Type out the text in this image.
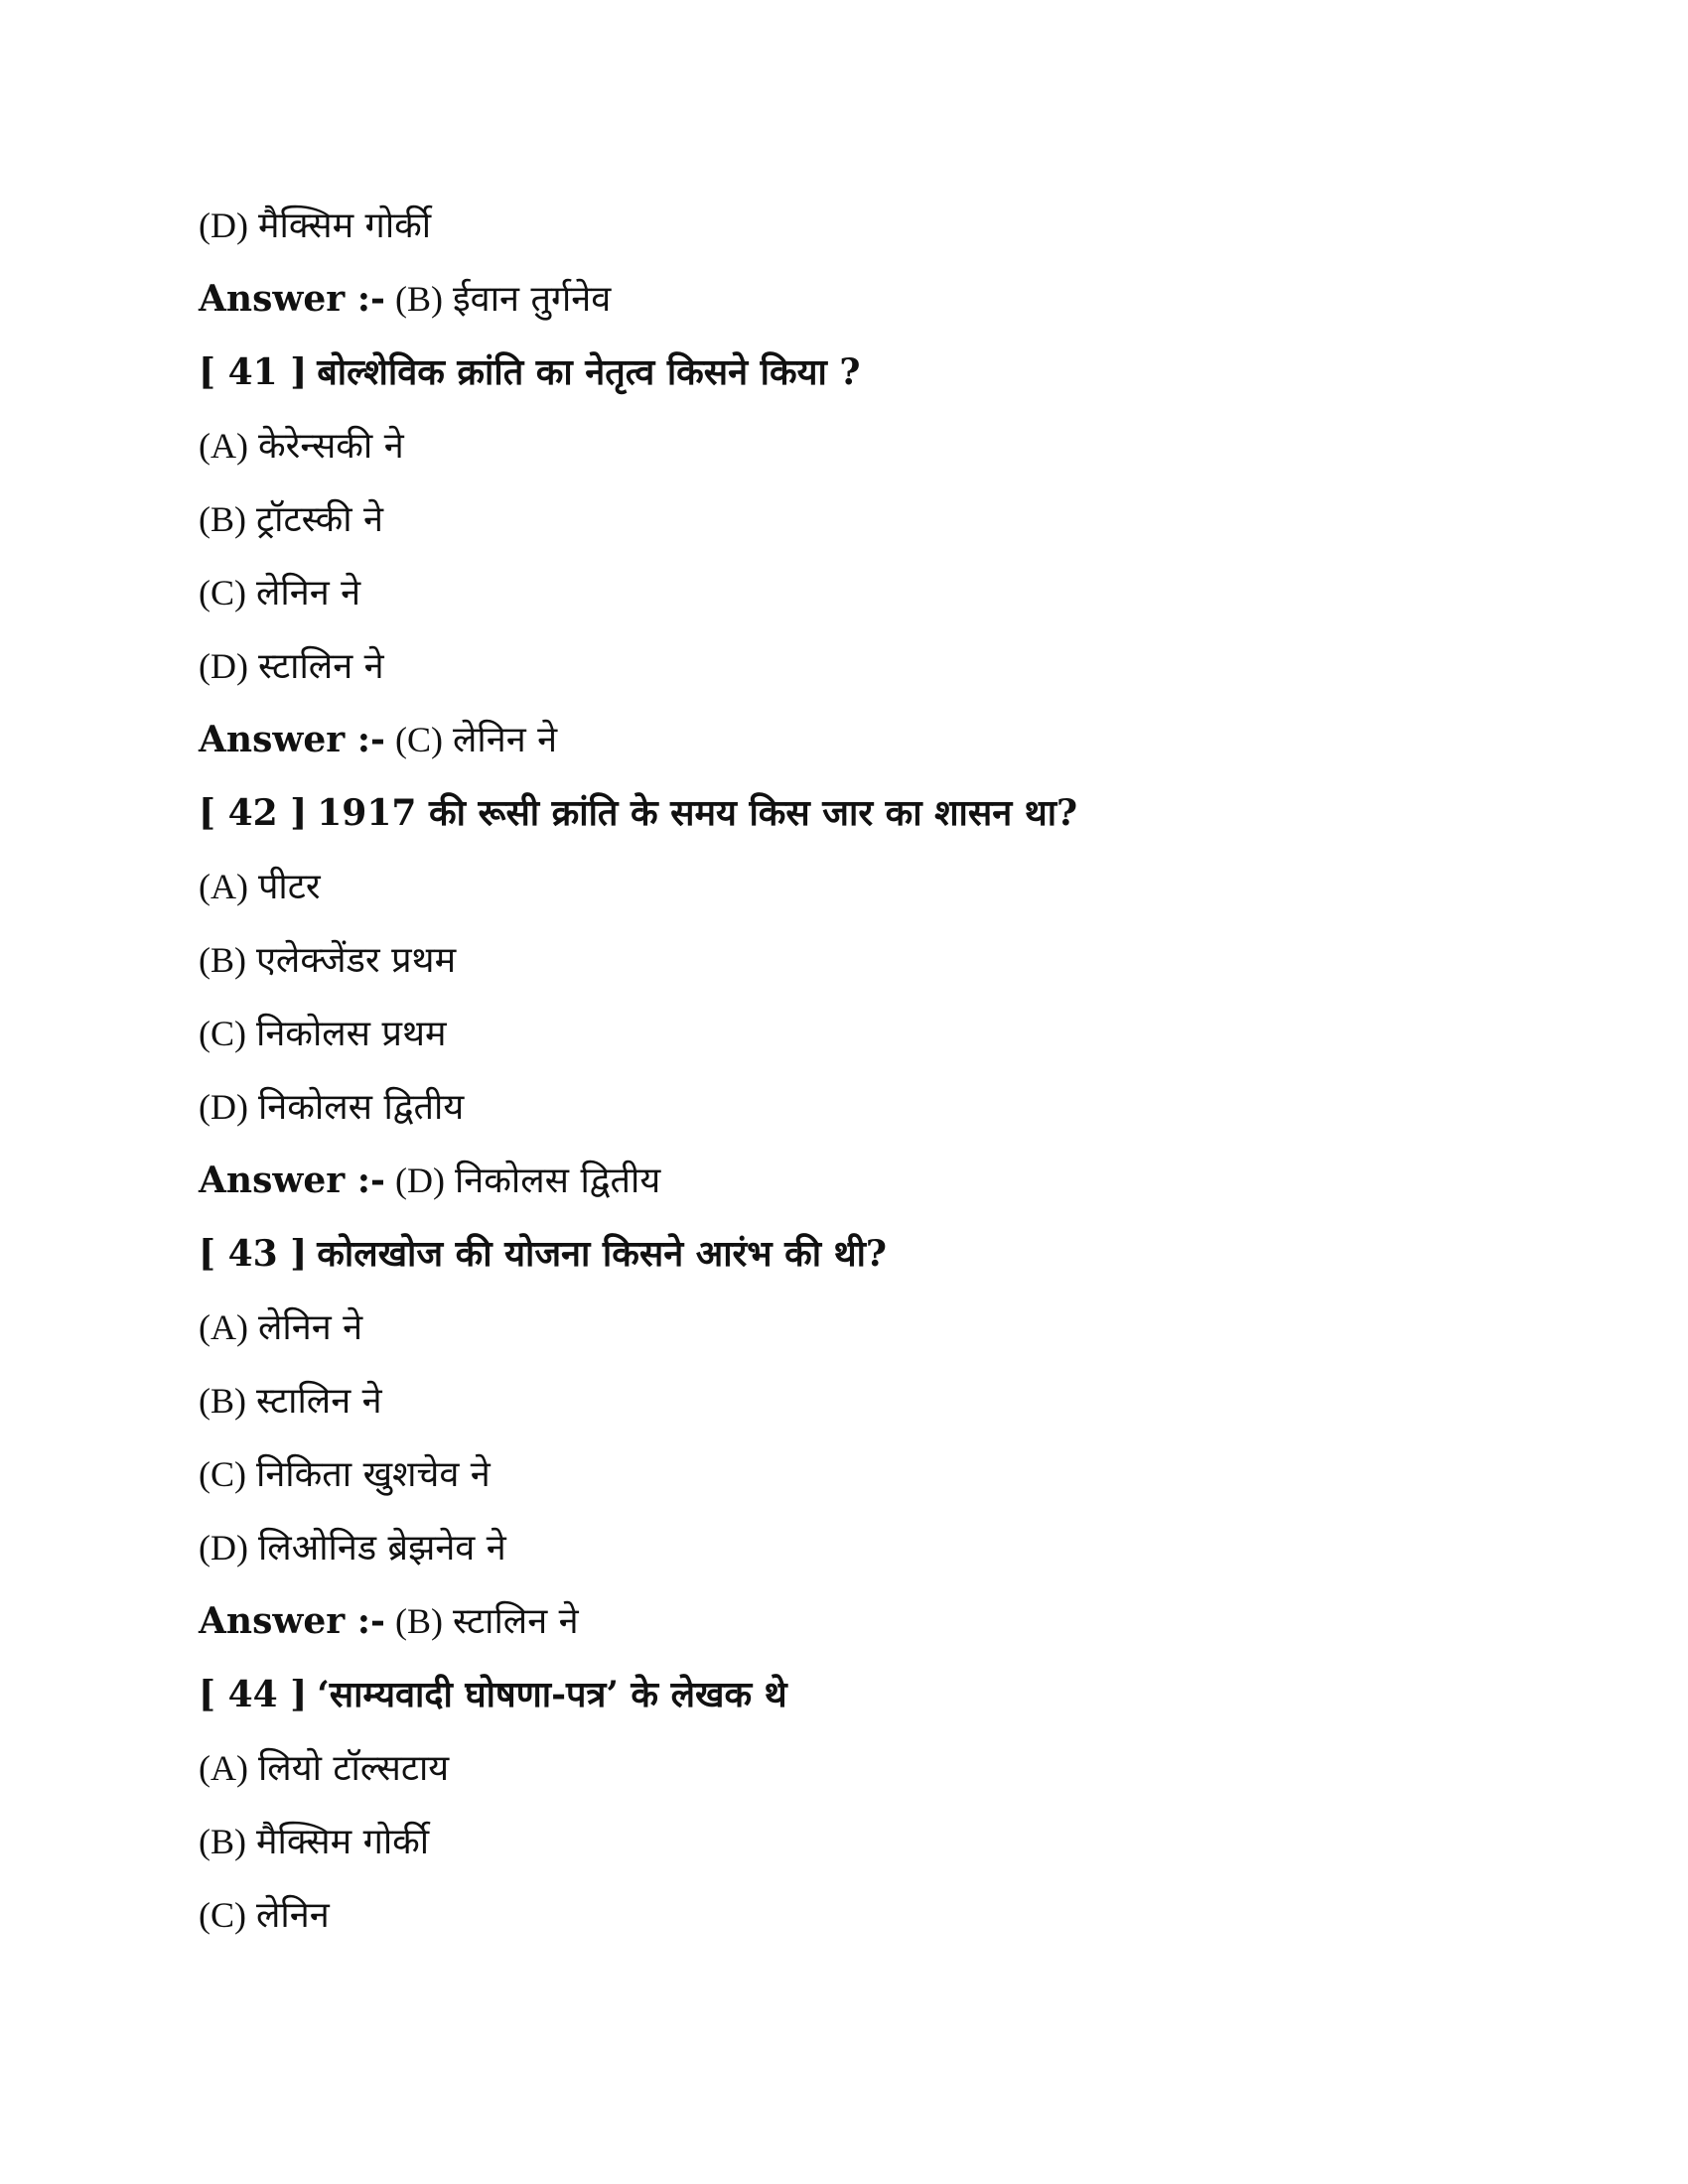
(D) मैक्सिम गोर्की
Answer :- (B) ईवान तुर्गनेव
[ 41 ] बोल्शेविक क्रांति का नेतृत्व किसने किया ?
(A) केरेन्सकी ने
(B) ट्रॉटस्की ने
(C) लेनिन ने
(D) स्टालिन ने
Answer :- (C) लेनिन ने
[ 42 ] 1917 की रूसी क्रांति के समय किस जार का शासन था?
(A) पीटर
(B) एलेक्जेंडर प्रथम
(C) निकोलस प्रथम
(D) निकोलस द्वितीय
Answer :- (D) निकोलस द्वितीय
[ 43 ] कोलखोज की योजना किसने आरंभ की थी?
(A) लेनिन ने
(B) स्टालिन ने
(C) निकिता खुशचेव ने
(D) लिओनिड ब्रेझनेव ने
Answer :- (B) स्टालिन ने
[ 44 ] ‘साम्यवादी घोषणा-पत्र’ के लेखक थे
(A) लियो टॉल्सटाय
(B) मैक्सिम गोर्की
(C) लेनिन
